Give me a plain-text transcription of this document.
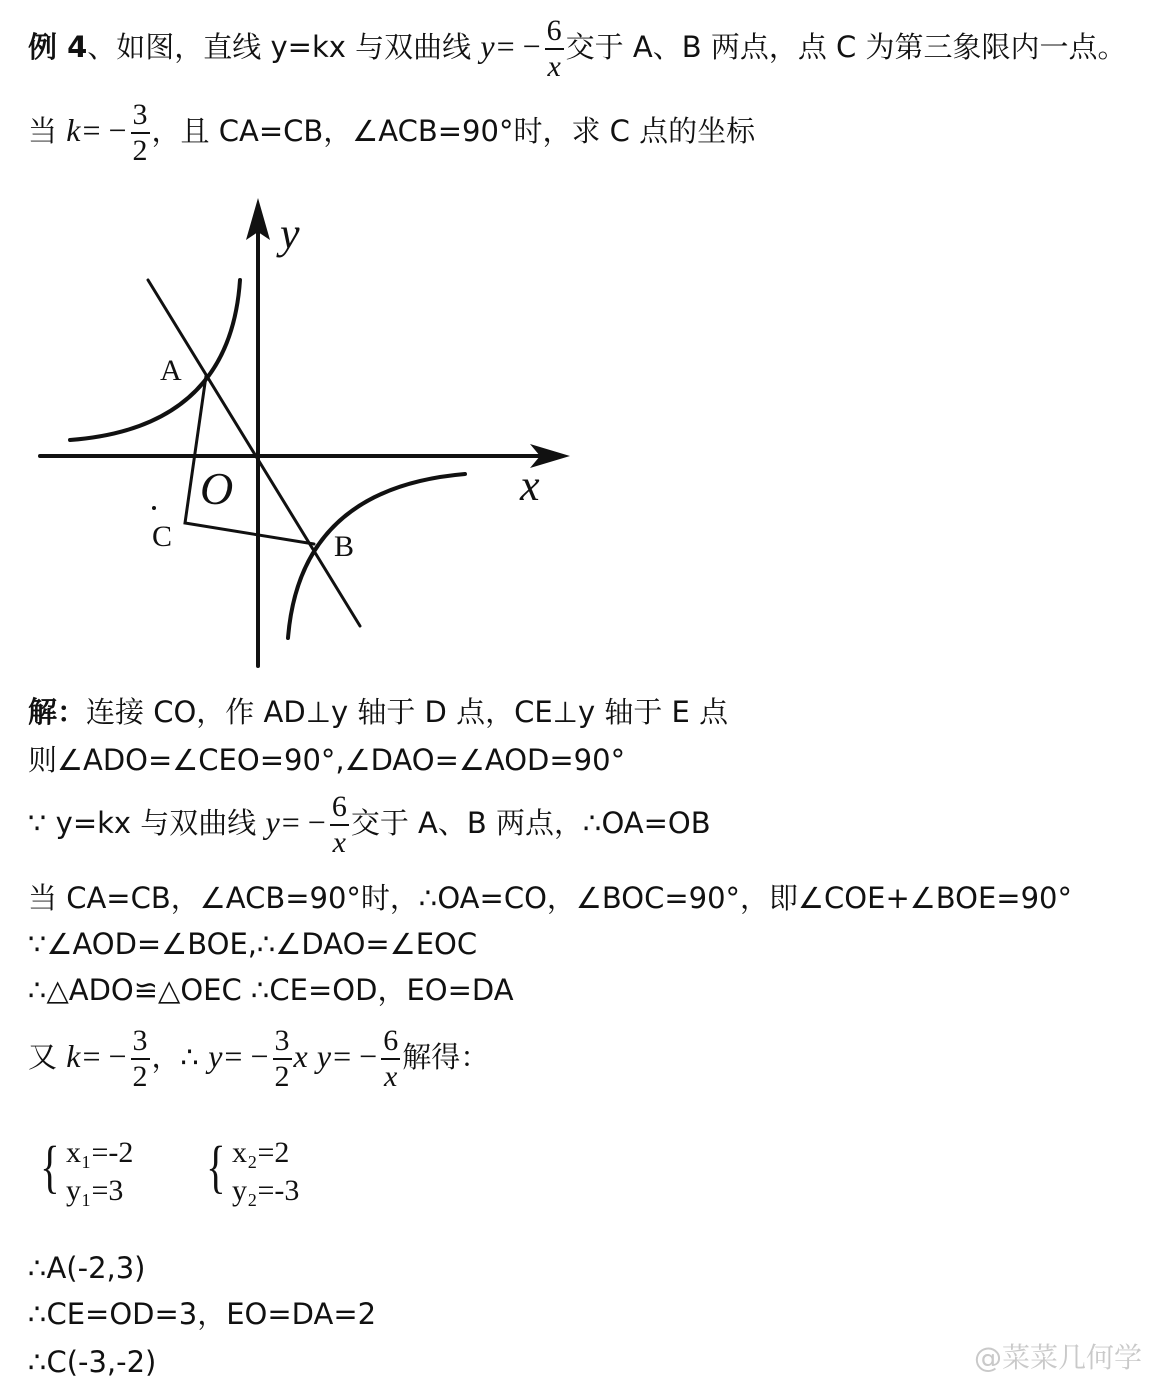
例 4、如图，直线 y=kx 与双曲线 $y= - \frac{6}{x}$ 交于 A、B 两点，点 C 为第三象限内一点。
当 $k= - \frac{3}{2}$ ，且 CA=CB，∠ACB=90°时，求 C 点的坐标
y
x
O
A
B
C
解：连接 CO，作 AD⊥y 轴于 D 点，CE⊥y 轴于 E 点
则∠ADO=∠CEO=90°,∠DAO=∠AOD=90°
∵ y=kx 与双曲线 $y= - \frac{6}{x}$ 交于 A、B 两点，∴OA=OB
当 CA=CB，∠ACB=90°时，∴OA=CO，∠BOC=90°，即∠COE+∠BOE=90°
∵∠AOD=∠BOE,∴∠DAO=∠EOC
∴△ADO≌△OEC ∴CE=OD，EO=DA
又 $k= - \frac{3}{2}$ ，∴ $y= - \frac{3}{2}$ x $y= - \frac{6}{x}$ 解得：
{ x₁=-2
y₁=3 { x₂=2
y₂=-3
∴A(-2,3)
∴CE=OD=3，EO=DA=2
∴C(-3,-2)	@菜菜几何学
